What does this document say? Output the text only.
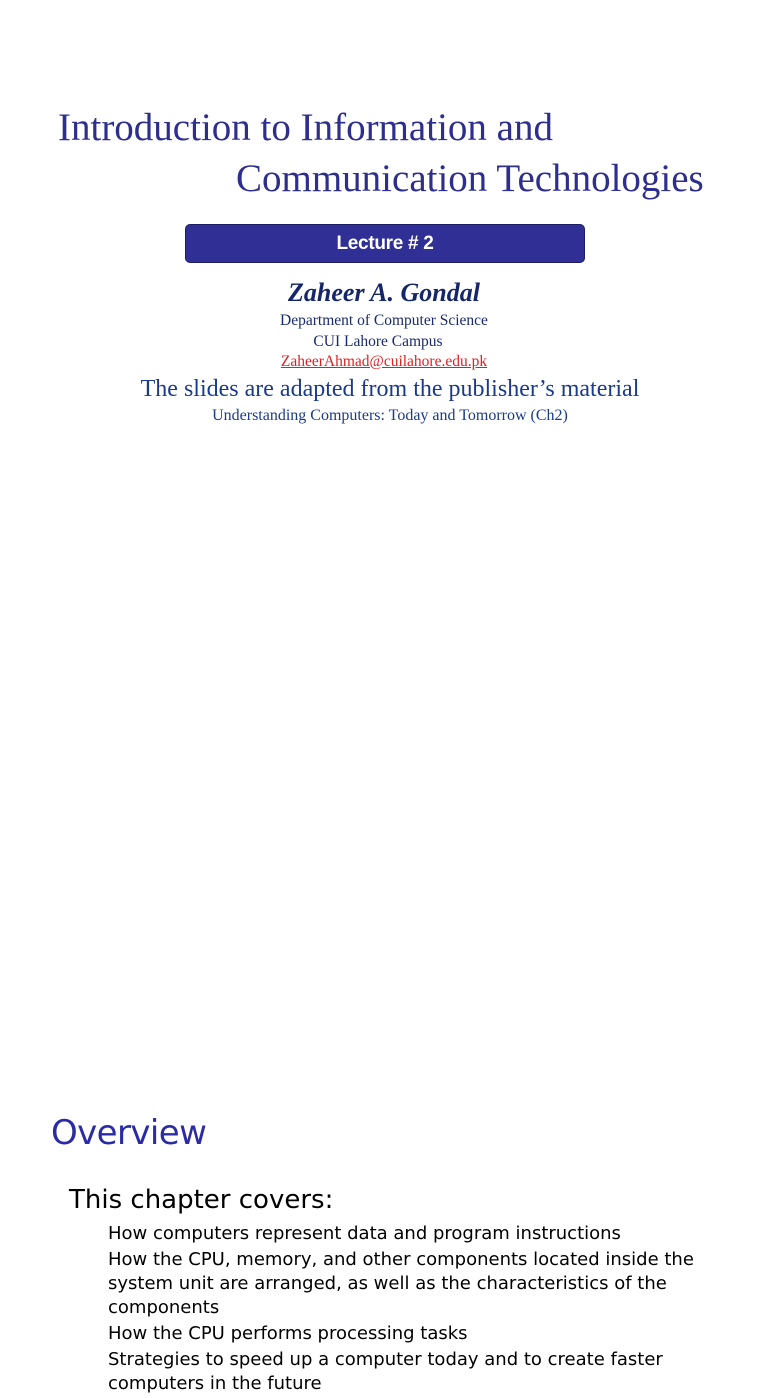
Introduction to Information and
Communication Technologies
Lecture # 2
Zaheer A. Gondal
Department of Computer Science
CUI Lahore Campus
ZaheerAhmad@cuilahore.edu.pk
The slides are adapted from the publisher’s material
Understanding Computers: Today and Tomorrow (Ch2)
Overview
This chapter covers:
How computers represent data and program instructions
How the CPU, memory, and other components located inside the system unit are arranged, as well as the characteristics of the components
How the CPU performs processing tasks
Strategies to speed up a computer today and to create faster computers in the future
